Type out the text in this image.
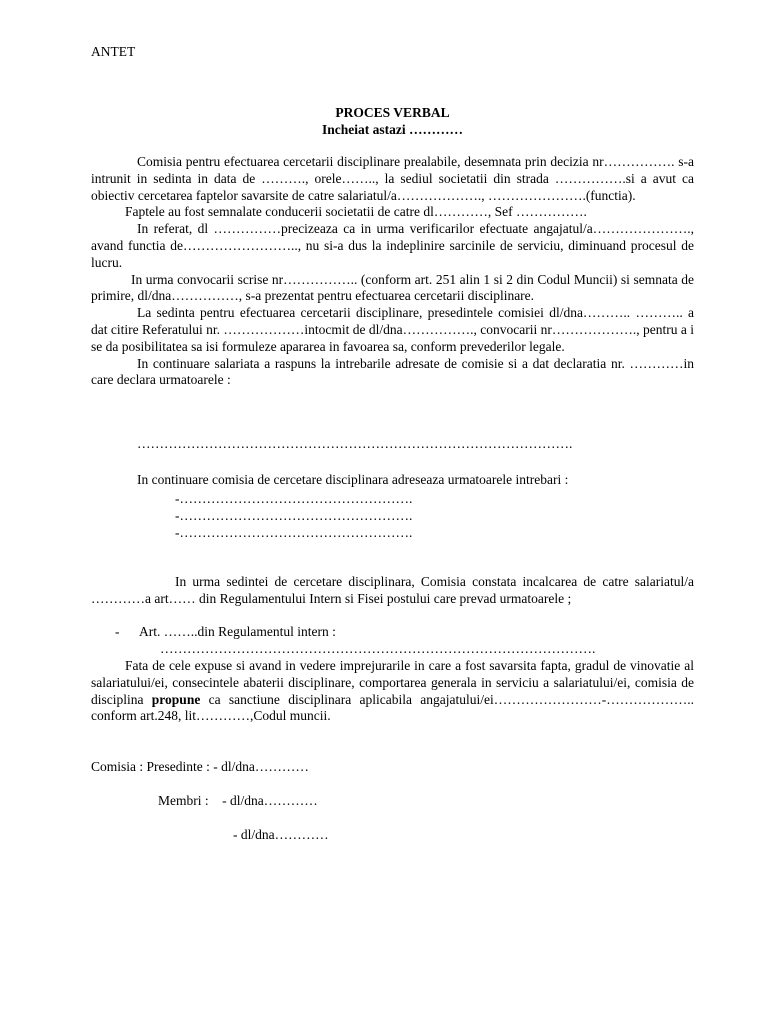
ANTET
PROCES VERBAL
Incheiat astazi …………

Comisia pentru efectuarea cercetarii disciplinare prealabile, desemnata prin decizia nr……………. s-a intrunit in sedinta in data de ………., orele…….., la sediul societatii din strada …………….si a avut ca obiectiv cercetarea faptelor savarsite de catre salariatul/a………………., ………………….(functia).

Faptele au fost semnalate conducerii societatii de catre dl…………, Sef …………….

In referat, dl ……………precizeaza ca in urma verificarilor efectuate angajatul/a…………………., avand functia de…………………….., nu si-a dus la indeplinire sarcinile de serviciu, diminuand procesul de lucru.

In urma convocarii scrise nr…………….. (conform art. 251 alin 1 si 2 din Codul Muncii) si semnata de primire, dl/dna……………, s-a prezentat pentru efectuarea cercetarii disciplinare.

La sedinta pentru efectuarea cercetarii disciplinare, presedintele comisiei dl/dna……….. ……….. a dat citire Referatului nr. ………………intocmit de dl/dna……………., convocarii nr………………., pentru a i se da posibilitatea sa isi formuleze apararea in favoarea sa, conform prevederilor legale.

In continuare salariata a raspuns la intrebarile adresate de comisie si a dat declaratia nr. …………in care declara urmatoarele :

…………………………………………………………………………………….
In continuare comisia de cercetare disciplinara adreseaza urmatoarele intrebari :
-…………………………………………….
-…………………………………………….
-…………………………………………….

In urma sedintei de cercetare disciplinara, Comisia constata incalcarea de catre salariatul/a …………a art…… din Regulamentului Intern si Fisei postului care prevad urmatoarele ;

- Art. ……..din Regulamentul intern :
…………………………………………………………………………………….

Fata de cele expuse si avand in vedere imprejurarile in care a fost savarsita fapta, gradul de vinovatie al salariatului/ei, consecintele abaterii disciplinare, comportarea generala in serviciu a salariatului/ei, comisia de disciplina propune ca sanctiune disciplinara aplicabila angajatului/ei……………………-……………….. conform art.248, lit…………,Codul muncii.

Comisia : Presedinte : - dl/dna…………
Membri :    - dl/dna…………
- dl/dna…………
